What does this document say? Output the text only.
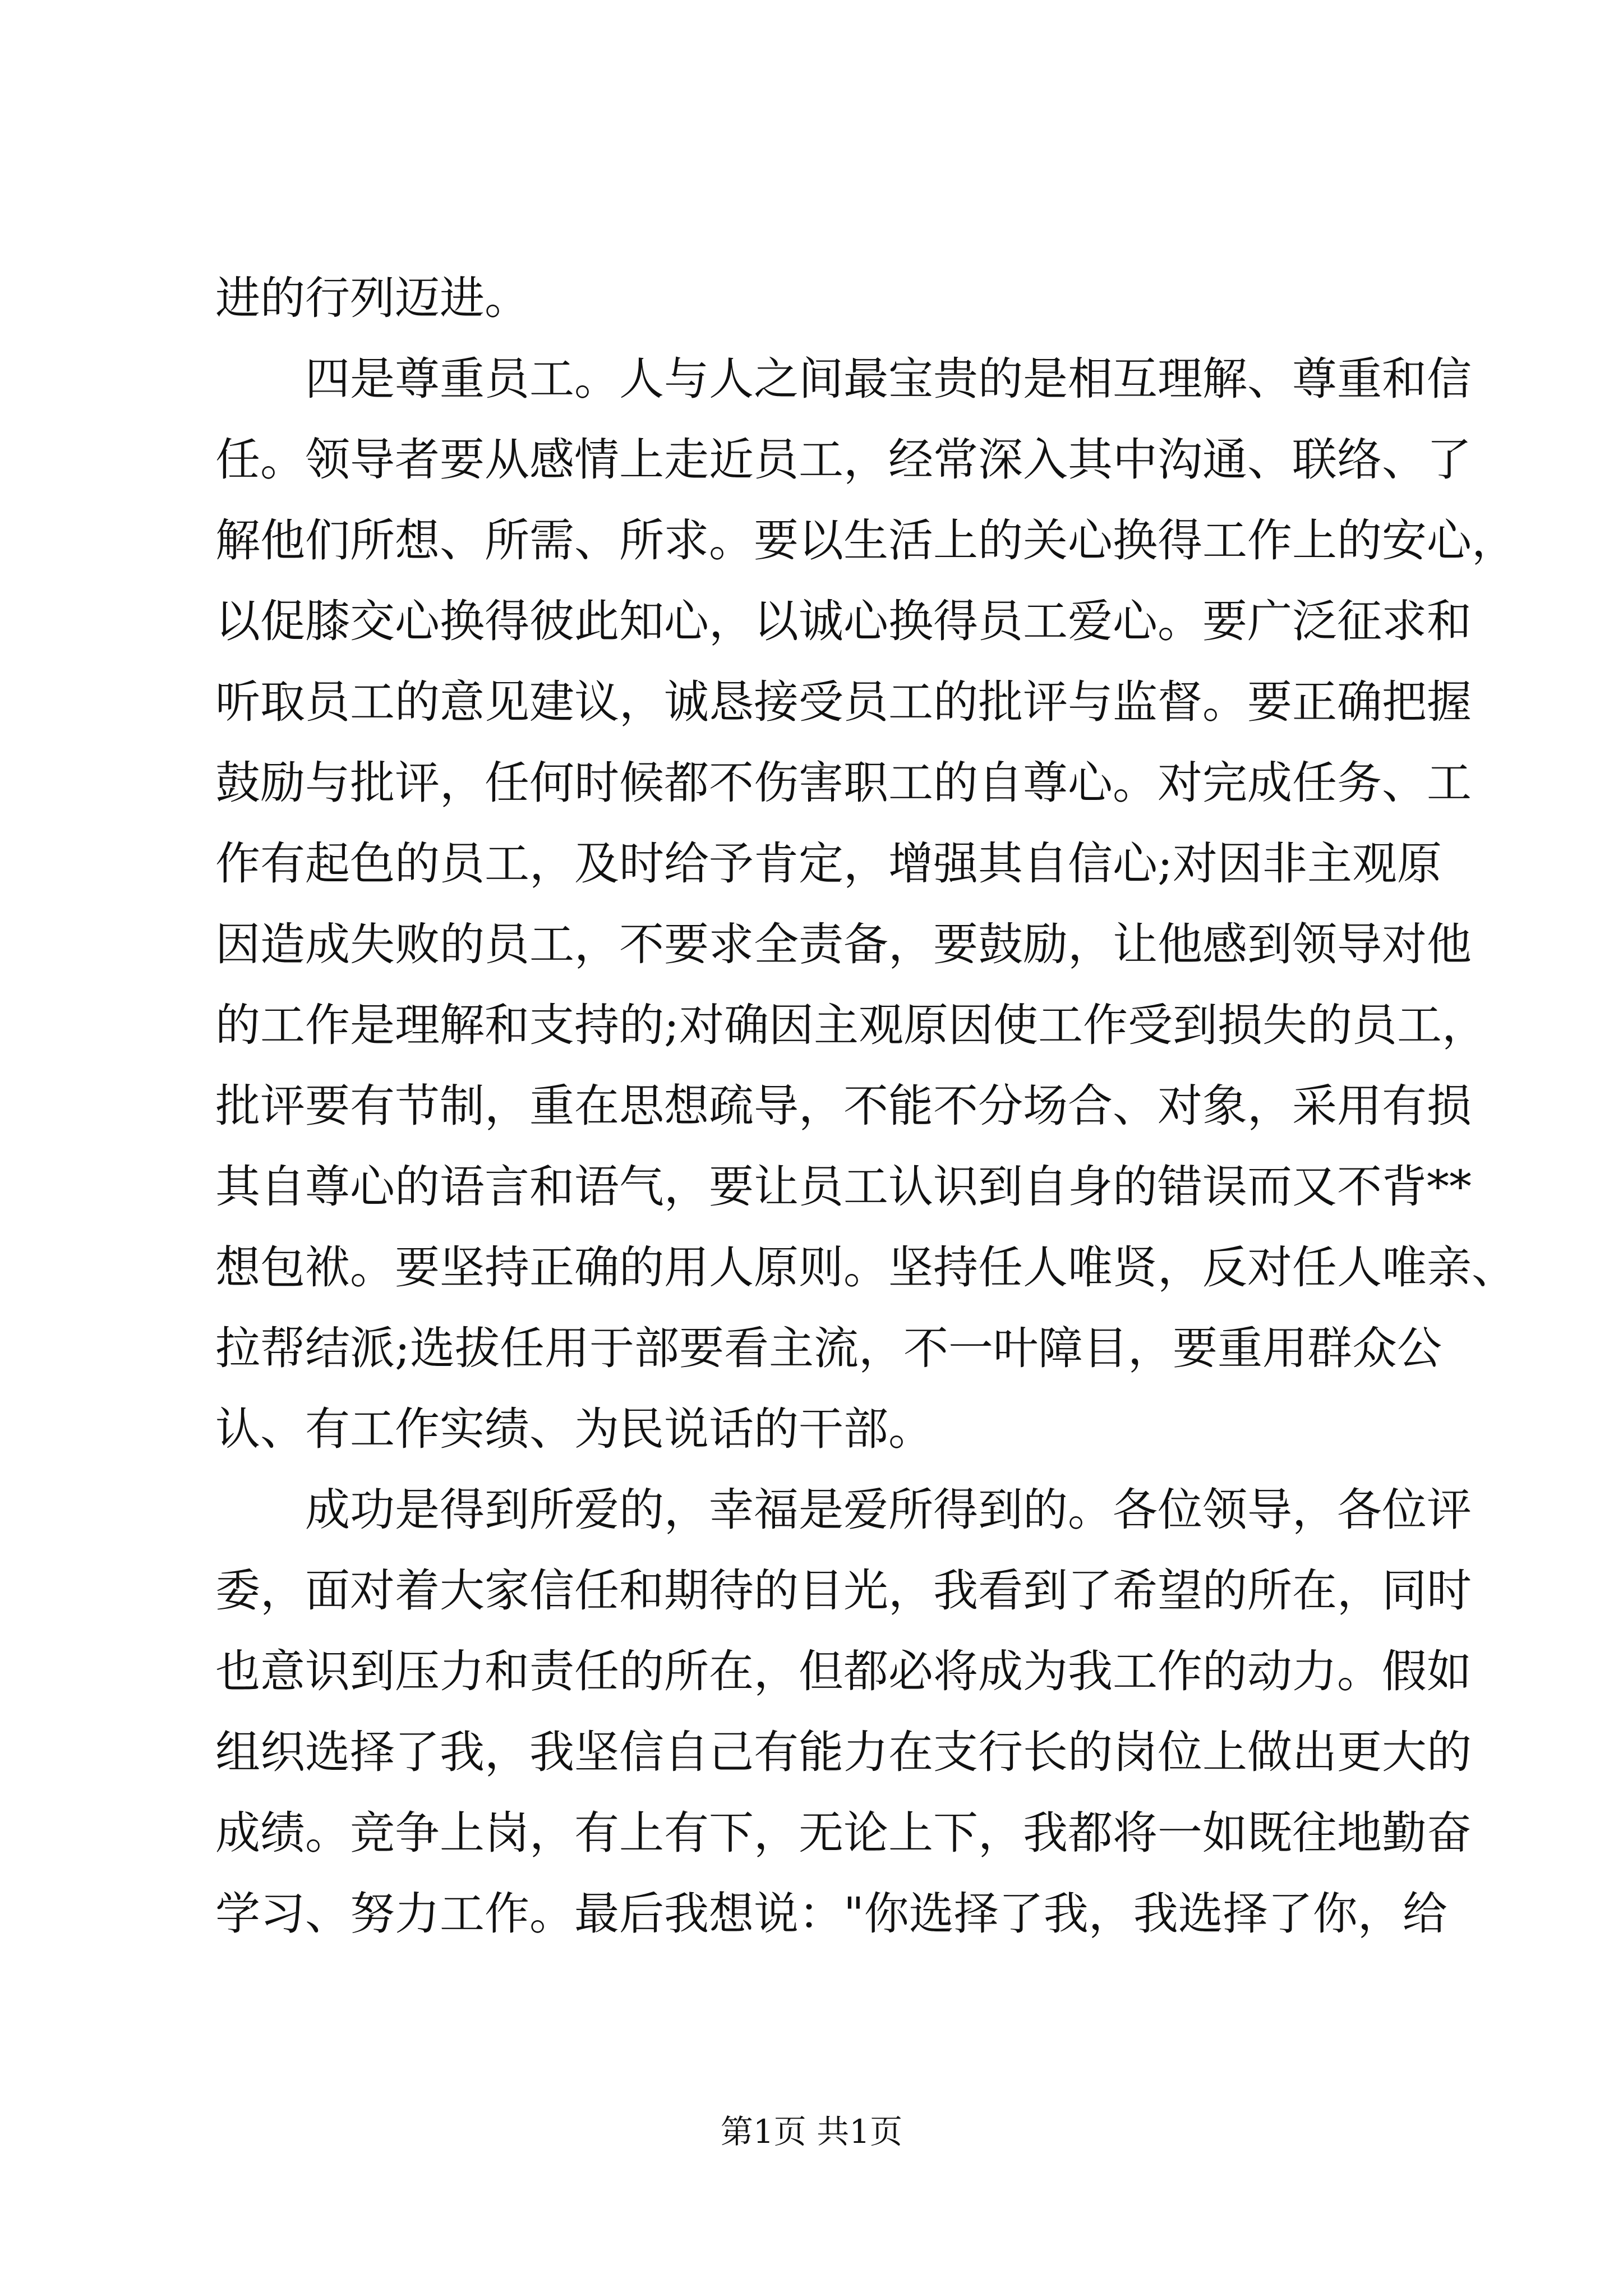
进的行列迈进。
四是尊重员工。人与人之间最宝贵的是相互理解、尊重和信
任。领导者要从感情上走近员工，经常深入其中沟通、联络、了
解他们所想、所需、所求。要以生活上的关心换得工作上的安心，
以促膝交心换得彼此知心，以诚心换得员工爱心。要广泛征求和
听取员工的意见建议，诚恳接受员工的批评与监督。要正确把握
鼓励与批评，任何时候都不伤害职工的自尊心。对完成任务、工
作有起色的员工，及时给予肯定，增强其自信心;对因非主观原
因造成失败的员工，不要求全责备，要鼓励，让他感到领导对他
的工作是理解和支持的;对确因主观原因使工作受到损失的员工，
批评要有节制，重在思想疏导，不能不分场合、对象，采用有损
其自尊心的语言和语气，要让员工认识到自身的错误而又不背**
想包袱。要坚持正确的用人原则。坚持任人唯贤，反对任人唯亲、
拉帮结派;选拔任用于部要看主流，不一叶障目，要重用群众公
认、有工作实绩、为民说话的干部。
成功是得到所爱的，幸福是爱所得到的。各位领导，各位评
委，面对着大家信任和期待的目光，我看到了希望的所在，同时
也意识到压力和责任的所在，但都必将成为我工作的动力。假如
组织选择了我，我坚信自己有能力在支行长的岗位上做出更大的
成绩。竞争上岗，有上有下，无论上下，我都将一如既往地勤奋
学习、努力工作。最后我想说："你选择了我，我选择了你，给
第1页 共1页
